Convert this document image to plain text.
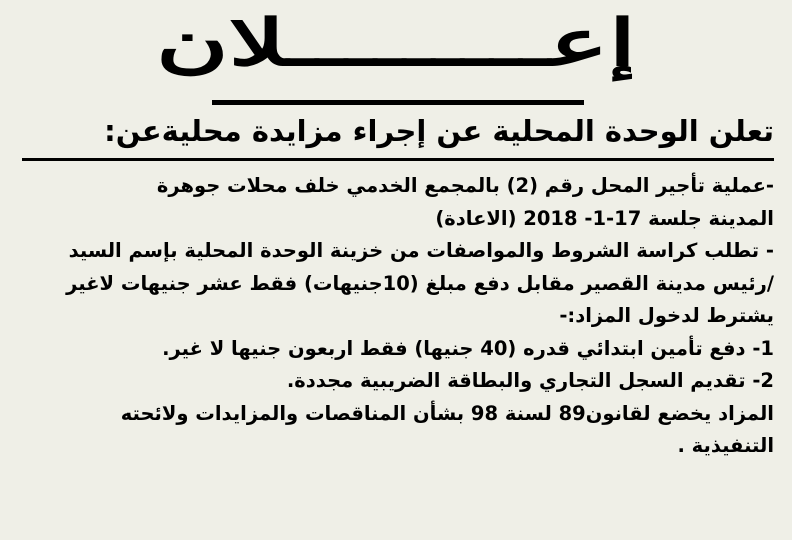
إعـــــــــلان
تعلن الوحدة المحلية عن إجراء مزايدة محليةعن:
-عملية تأجير المحل رقم (2) بالمجمع الخدمي خلف محلات جوهرة
المدينة جلسة 17-1- 2018 (الاعادة)
- تطلب كراسة الشروط والمواصفات من خزينة الوحدة المحلية بإسم السيد
/رئيس مدينة القصير مقابل دفع مبلغ (10جنيهات) فقط عشر جنيهات لاغير
يشترط لدخول المزاد:-
1- دفع تأمين ابتدائي قدره (40 جنيها) فقط اربعون جنيها لا غير.
2- تقديم السجل التجاري والبطاقة الضريبية مجددة.
المزاد يخضع لقانون89 لسنة 98 بشأن المناقصات والمزايدات ولائحته
التنفيذية .
